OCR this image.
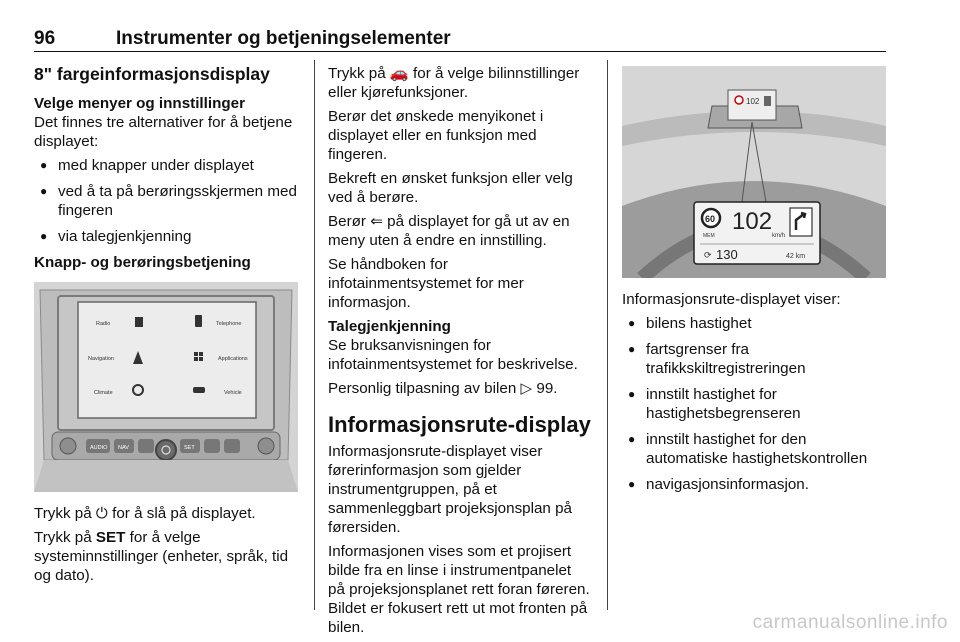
96	Instrumenter og betjeningselementer
8" fargeinformasjonsdisplay
Velge menyer og innstillinger

Det finnes tre alternativer for å betjene displayet:

● med knapper under displayet
● ved å ta på berøringsskjermen med fingeren
● via talegjenkjenning
Knapp- og berøringsbetjening
Radio	Telephone
Navigation	Applications
Climate	Vehicle
AUDIO NAV	SET

Trykk på ⏻ for å slå på displayet.

Trykk på SET for å velge systeminnstillinger (enheter, språk, tid og dato).

Trykk på 🚗 for å velge bilinnstillinger eller kjørefunksjoner.

Berør det ønskede menyikonet i displayet eller en funksjon med fingeren.

Bekreft en ønsket funksjon eller velg ved å berøre.

Berør ⇐ på displayet for gå ut av en meny uten å endre en innstilling.

Se håndboken for infotainmentsystemet for mer informasjon.

Talegjenkjenning

Se bruksanvisningen for infotainmentsystemet for beskrivelse.

Personlig tilpasning av bilen ▷ 99.

Informasjonsrute-display

Informasjonsrute-displayet viser førerinformasjon som gjelder instrumentgruppen, på et sammenleggbart projeksjonsplan på førersiden.

Informasjonen vises som et projisert bilde fra en linse i instrumentpanelet på projeksjonsplanet rett foran føreren. Bildet er fokusert rett ut mot fronten på bilen.

102
60
MEM
102
km/h
⟳ 130	42 km

Informasjonsrute-displayet viser:

● bilens hastighet
● fartsgrenser fra trafikkskiltregistreringen
● innstilt hastighet for hastighetsbegrenseren
● innstilt hastighet for den automatiske hastighetskontrollen
● navigasjonsinformasjon.
carmanualsonline.info
